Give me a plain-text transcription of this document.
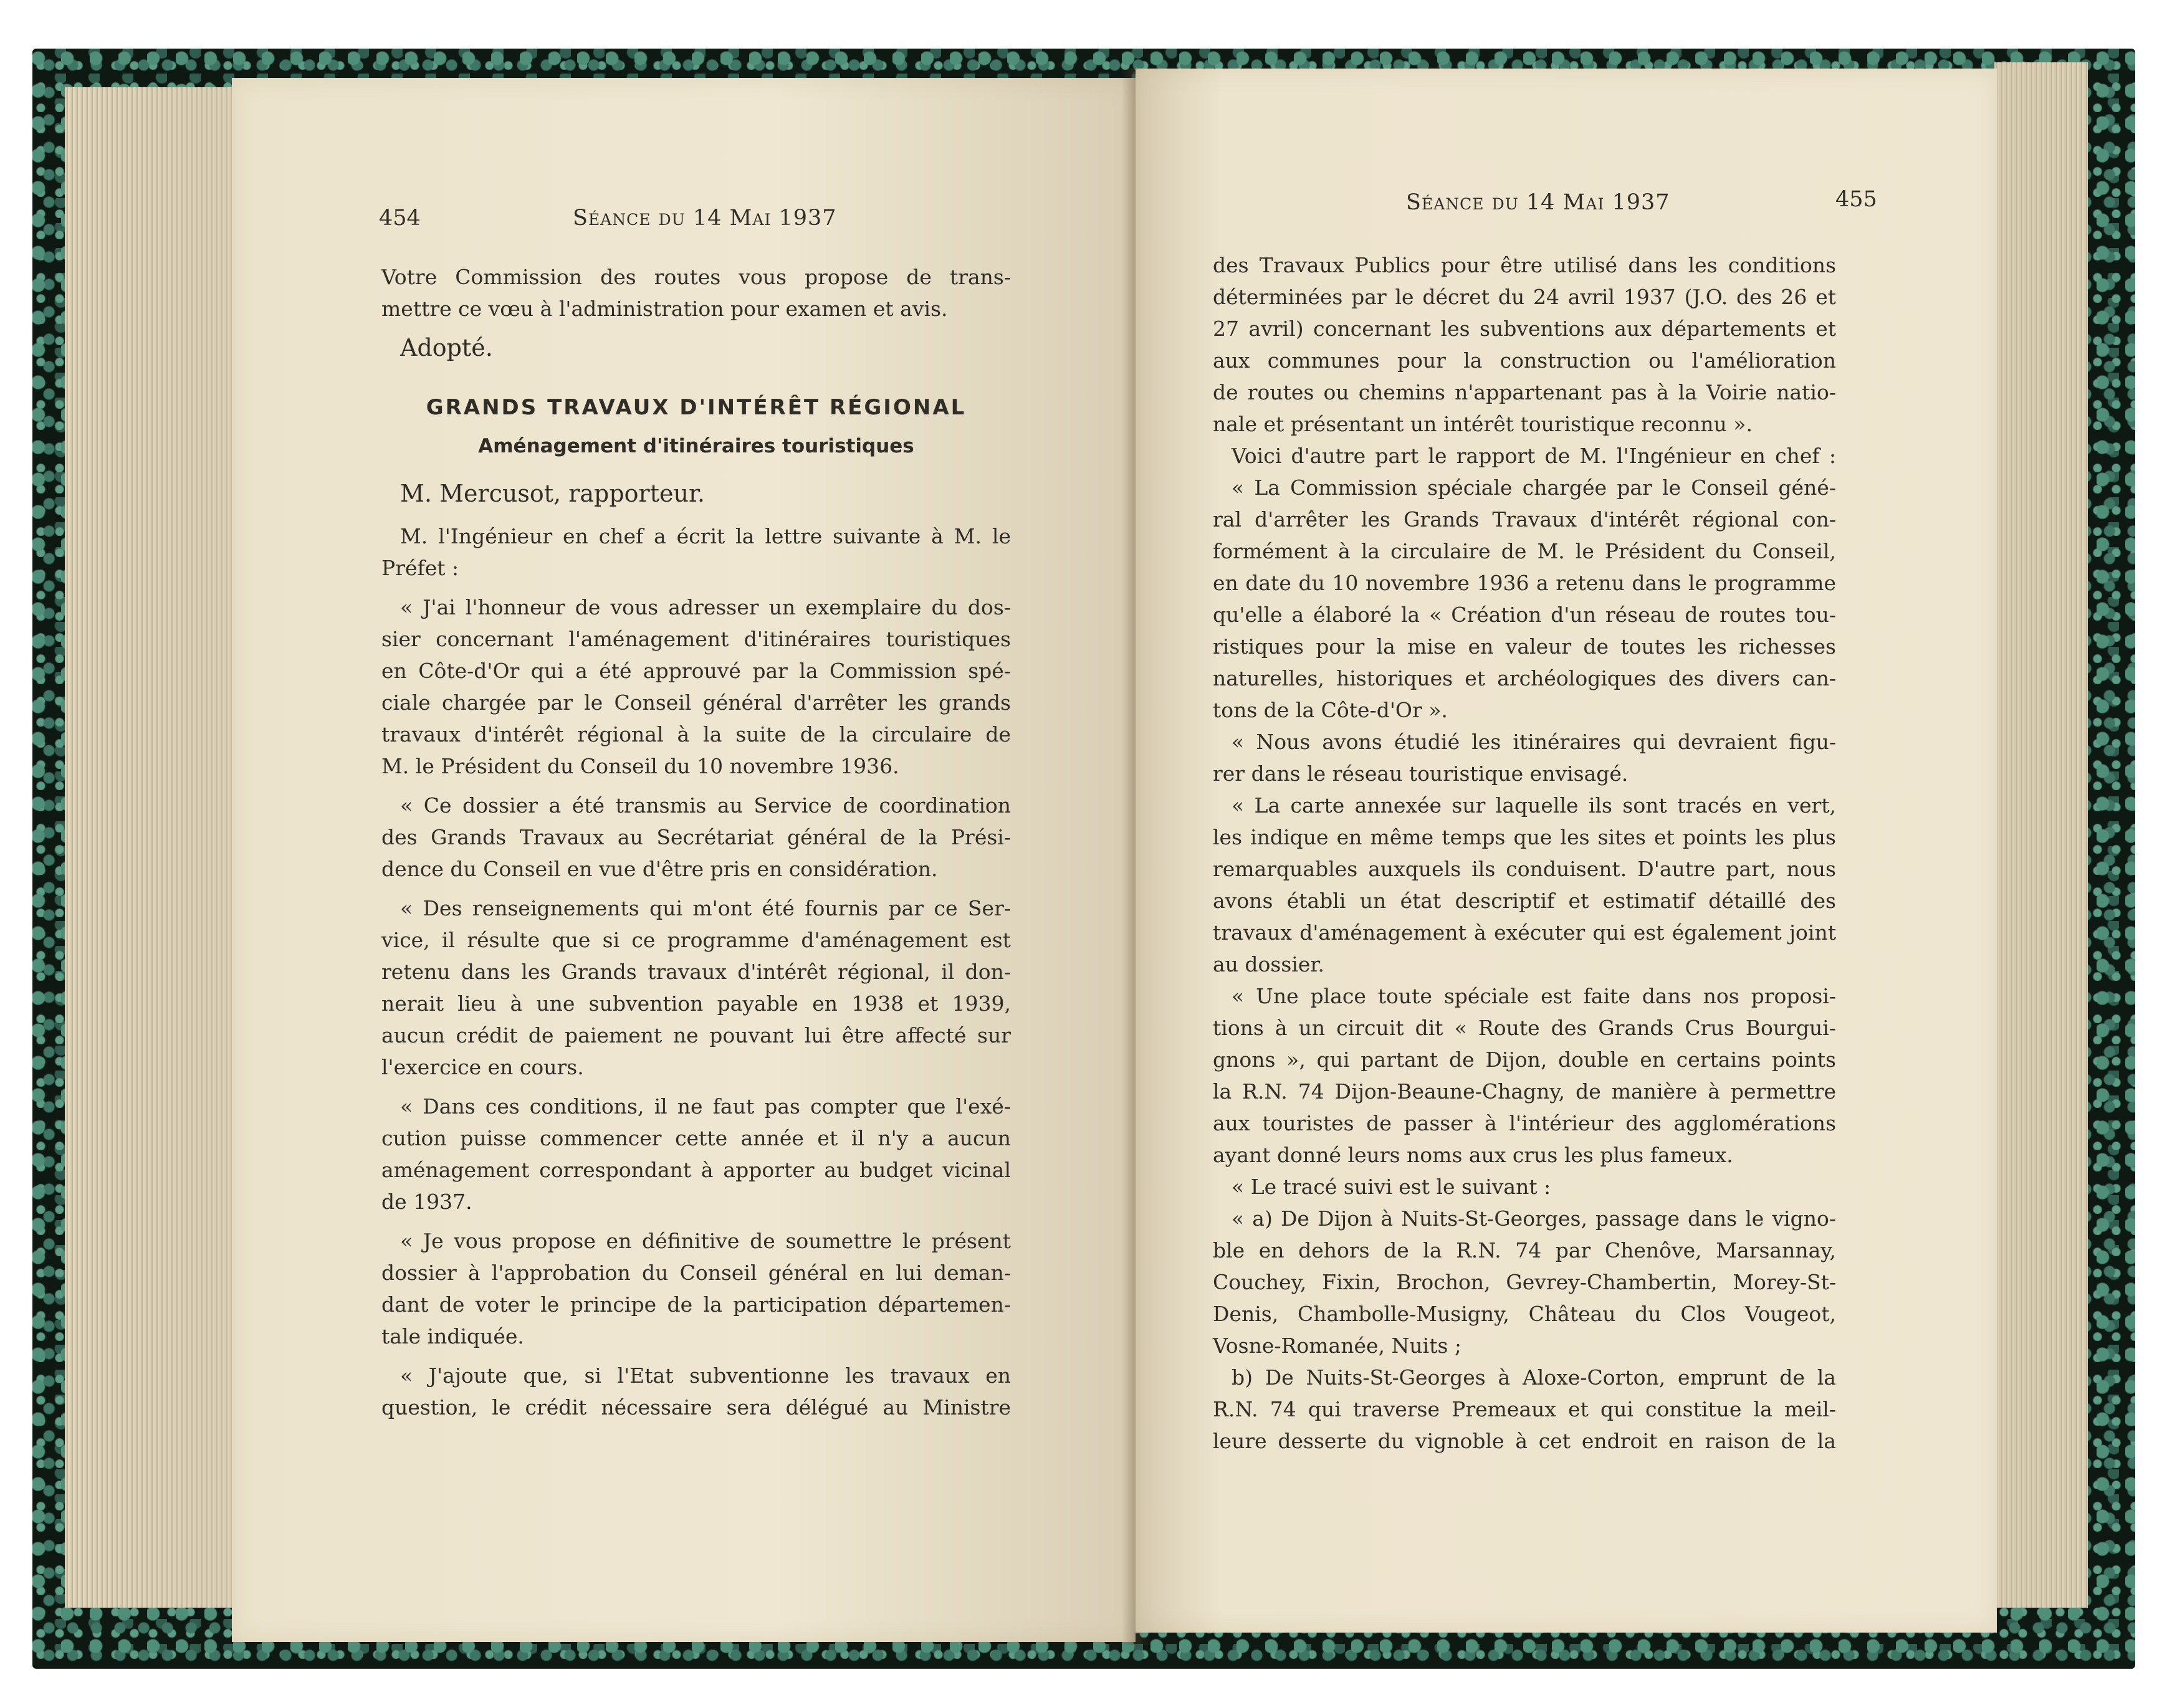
454	Séance du 14 Mai 1937
Votre Commission des routes vous propose de trans-
mettre ce vœu à l'administration pour examen et avis.
Adopté.
GRANDS TRAVAUX D'INTÉRÊT RÉGIONAL
Aménagement d'itinéraires touristiques
M. Mercusot, rapporteur.
M. l'Ingénieur en chef a écrit la lettre suivante à M. le
Préfet :
« J'ai l'honneur de vous adresser un exemplaire du dos-
sier concernant l'aménagement d'itinéraires touristiques
en Côte-d'Or qui a été approuvé par la Commission spé-
ciale chargée par le Conseil général d'arrêter les grands
travaux d'intérêt régional à la suite de la circulaire de
M. le Président du Conseil du 10 novembre 1936.
« Ce dossier a été transmis au Service de coordination
des Grands Travaux au Secrétariat général de la Prési-
dence du Conseil en vue d'être pris en considération.
« Des renseignements qui m'ont été fournis par ce Ser-
vice, il résulte que si ce programme d'aménagement est
retenu dans les Grands travaux d'intérêt régional, il don-
nerait lieu à une subvention payable en 1938 et 1939,
aucun crédit de paiement ne pouvant lui être affecté sur
l'exercice en cours.
« Dans ces conditions, il ne faut pas compter que l'exé-
cution puisse commencer cette année et il n'y a aucun
aménagement correspondant à apporter au budget vicinal
de 1937.
« Je vous propose en définitive de soumettre le présent
dossier à l'approbation du Conseil général en lui deman-
dant de voter le principe de la participation départemen-
tale indiquée.
« J'ajoute que, si l'Etat subventionne les travaux en
question, le crédit nécessaire sera délégué au Ministre
Séance du 14 Mai 1937	455
des Travaux Publics pour être utilisé dans les conditions
déterminées par le décret du 24 avril 1937 (J.O. des 26 et
27 avril) concernant les subventions aux départements et
aux communes pour la construction ou l'amélioration
de routes ou chemins n'appartenant pas à la Voirie natio-
nale et présentant un intérêt touristique reconnu ».
Voici d'autre part le rapport de M. l'Ingénieur en chef :
« La Commission spéciale chargée par le Conseil géné-
ral d'arrêter les Grands Travaux d'intérêt régional con-
formément à la circulaire de M. le Président du Conseil,
en date du 10 novembre 1936 a retenu dans le programme
qu'elle a élaboré la « Création d'un réseau de routes tou-
ristiques pour la mise en valeur de toutes les richesses
naturelles, historiques et archéologiques des divers can-
tons de la Côte-d'Or ».
« Nous avons étudié les itinéraires qui devraient figu-
rer dans le réseau touristique envisagé.
« La carte annexée sur laquelle ils sont tracés en vert,
les indique en même temps que les sites et points les plus
remarquables auxquels ils conduisent. D'autre part, nous
avons établi un état descriptif et estimatif détaillé des
travaux d'aménagement à exécuter qui est également joint
au dossier.
« Une place toute spéciale est faite dans nos proposi-
tions à un circuit dit « Route des Grands Crus Bourgui-
gnons », qui partant de Dijon, double en certains points
la R.N. 74 Dijon-Beaune-Chagny, de manière à permettre
aux touristes de passer à l'intérieur des agglomérations
ayant donné leurs noms aux crus les plus fameux.
« Le tracé suivi est le suivant :
« a) De Dijon à Nuits-St-Georges, passage dans le vigno-
ble en dehors de la R.N. 74 par Chenôve, Marsannay,
Couchey, Fixin, Brochon, Gevrey-Chambertin, Morey-St-
Denis, Chambolle-Musigny, Château du Clos Vougeot,
Vosne-Romanée, Nuits ;
b) De Nuits-St-Georges à Aloxe-Corton, emprunt de la
R.N. 74 qui traverse Premeaux et qui constitue la meil-
leure desserte du vignoble à cet endroit en raison de la
